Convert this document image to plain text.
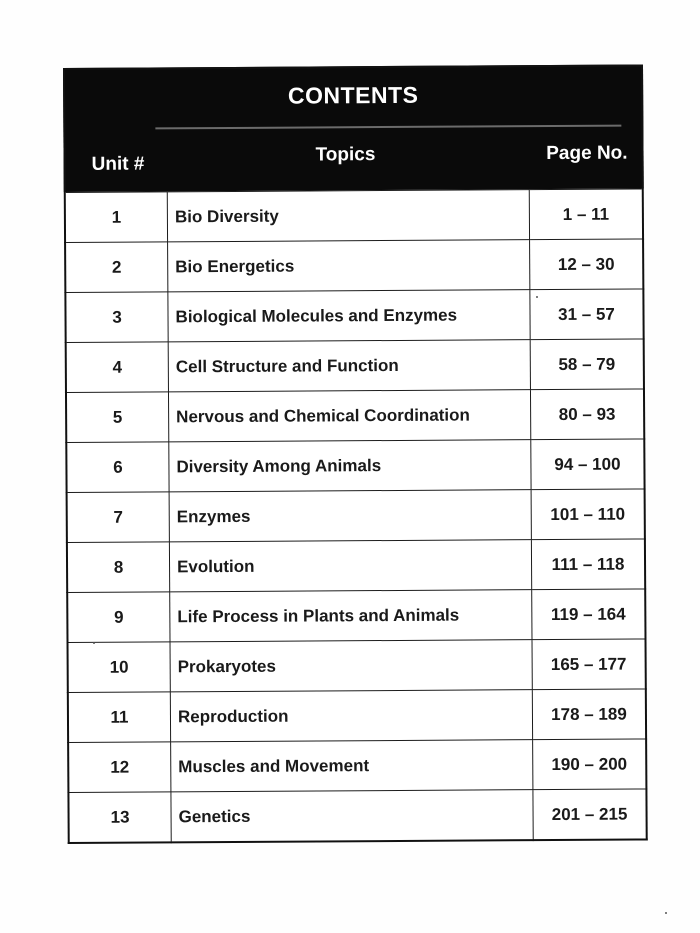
CONTENTS
Unit #	Topics	Page No.
1	Bio Diversity	1 – 11
2	Bio Energetics	12 – 30
3	Biological Molecules and Enzymes	31 – 57
4	Cell Structure and Function	58 – 79
5	Nervous and Chemical Coordination	80 – 93
6	Diversity Among Animals	94 – 100
7	Enzymes	101 – 110
8	Evolution	111 – 118
9	Life Process in Plants and Animals	119 – 164
10	Prokaryotes	165 – 177
11	Reproduction	178 – 189
12	Muscles and Movement	190 – 200
13	Genetics	201 – 215
